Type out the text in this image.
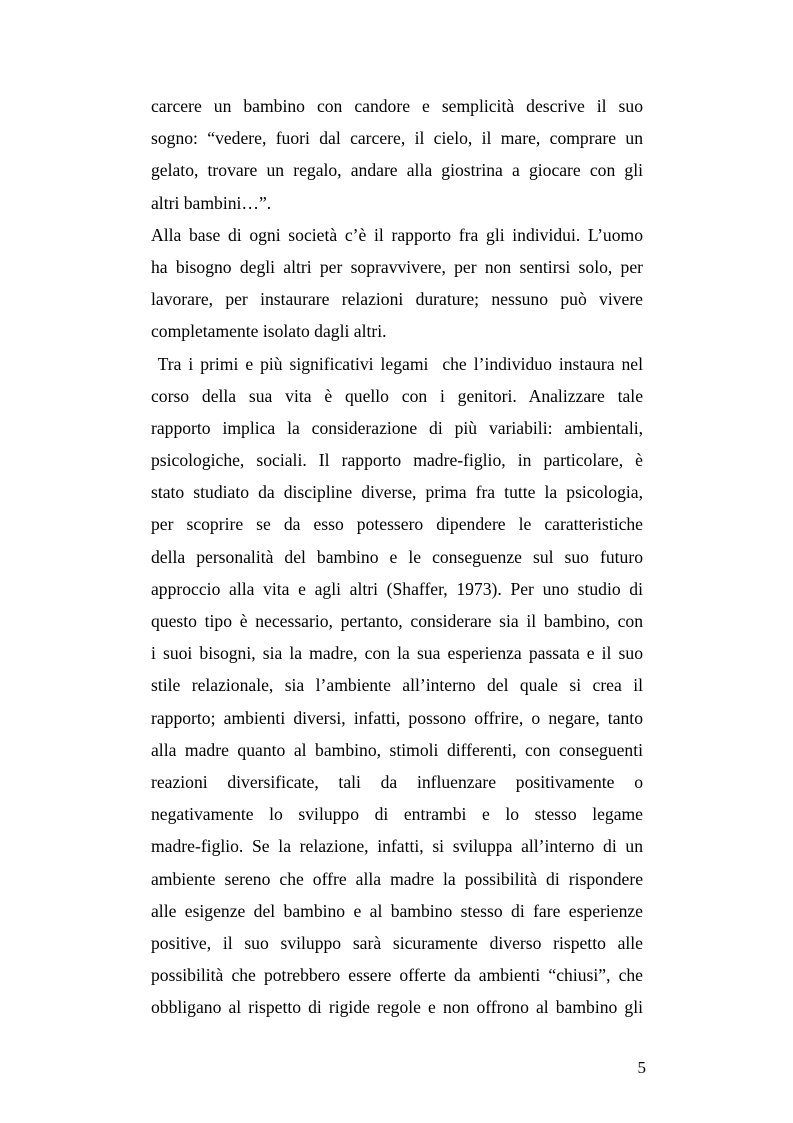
carcere un bambino con candore e semplicità descrive il suo
sogno: “vedere, fuori dal carcere, il cielo, il mare, comprare un
gelato, trovare un regalo, andare alla giostrina a giocare con gli
altri bambini…”.
Alla base di ogni società c’è il rapporto fra gli individui. L’uomo
ha bisogno degli altri per sopravvivere, per non sentirsi solo, per
lavorare, per instaurare relazioni durature; nessuno può vivere
completamente isolato dagli altri.
Tra i primi e più significativi legami  che l’individuo instaura nel
corso della sua vita è quello con i genitori. Analizzare tale
rapporto implica la considerazione di più variabili: ambientali,
psicologiche, sociali. Il rapporto madre-figlio, in particolare, è
stato studiato da discipline diverse, prima fra tutte la psicologia,
per scoprire se da esso potessero dipendere le caratteristiche
della personalità del bambino e le conseguenze sul suo futuro
approccio alla vita e agli altri (Shaffer, 1973). Per uno studio di
questo tipo è necessario, pertanto, considerare sia il bambino, con
i suoi bisogni, sia la madre, con la sua esperienza passata e il suo
stile relazionale, sia l’ambiente all’interno del quale si crea il
rapporto; ambienti diversi, infatti, possono offrire, o negare, tanto
alla madre quanto al bambino, stimoli differenti, con conseguenti
reazioni diversificate, tali da influenzare positivamente o
negativamente lo sviluppo di entrambi e lo stesso legame
madre-figlio. Se la relazione, infatti, si sviluppa all’interno di un
ambiente sereno che offre alla madre la possibilità di rispondere
alle esigenze del bambino e al bambino stesso di fare esperienze
positive, il suo sviluppo sarà sicuramente diverso rispetto alle
possibilità che potrebbero essere offerte da ambienti “chiusi”, che
obbligano al rispetto di rigide regole e non offrono al bambino gli
5
